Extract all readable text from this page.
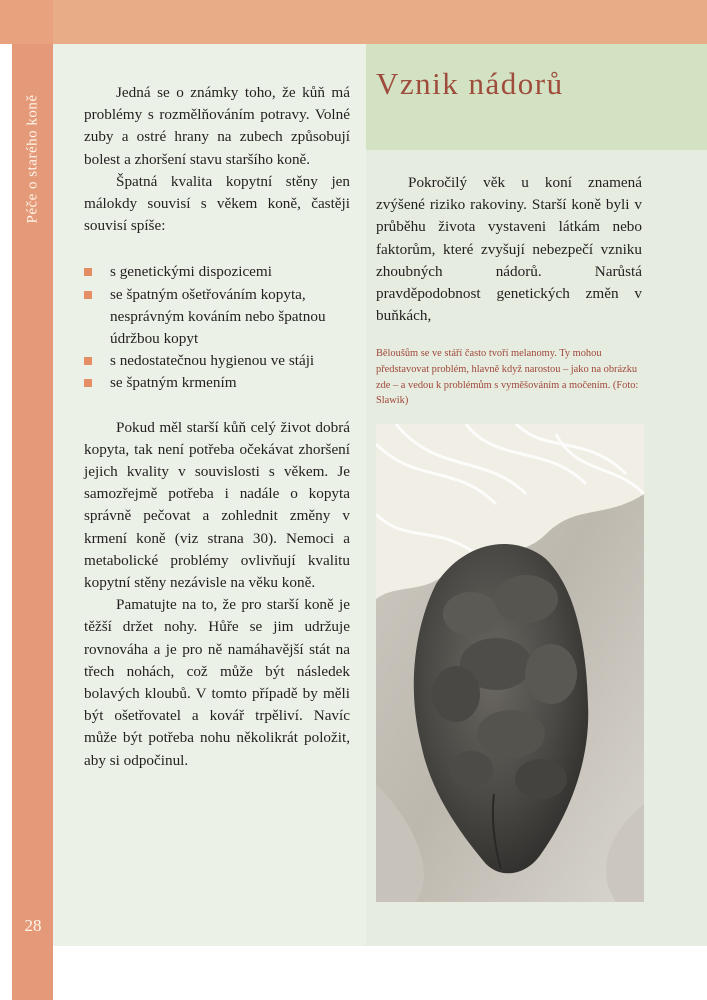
Péče o starého koně
28
Vznik nádorů

Jedná se o známky toho, že kůň má problémy s rozmělňováním potravy. Volné zuby a ostré hrany na zubech způsobují bolest a zhoršení stavu staršího koně.

Špatná kvalita kopytní stěny jen málokdy souvisí s věkem koně, častěji souvisí spíše:

s genetickými dispozicemi
se špatným ošetřováním kopyta, nesprávným kováním nebo špatnou údržbou kopyt
s nedostatečnou hygienou ve stáji
se špatným krmením

Pokud měl starší kůň celý život dobrá kopyta, tak není potřeba očekávat zhoršení jejich kvality v souvislosti s věkem. Je samozřejmě potřeba i nadále o kopyta správně pečovat a zohlednit změny v krmení koně (viz strana 30). Nemoci a metabolické problémy ovlivňují kvalitu kopytní stěny nezávisle na věku koně.

Pamatujte na to, že pro starší koně je těžší držet nohy. Hůře se jim udržuje rovnováha a je pro ně namáhavější stát na třech nohách, což může být následek bolavých kloubů. V tomto případě by měli být ošetřovatel a kovář trpěliví. Navíc může být potřeba nohu několikrát položit, aby si odpočinul.

Pokročilý věk u koní znamená zvýšené riziko rakoviny. Starší koně byli v průběhu života vystaveni látkám nebo faktorům, které zvyšují nebezpečí vzniku zhoubných nádorů. Narůstá pravděpodobnost genetických změn v buňkách,

Běloušům se ve stáří často tvoří melanomy. Ty mohou představovat problém, hlavně když narostou – jako na obrázku zde – a vedou k problémům s vyměšováním a močením. (Foto: Slawik)
